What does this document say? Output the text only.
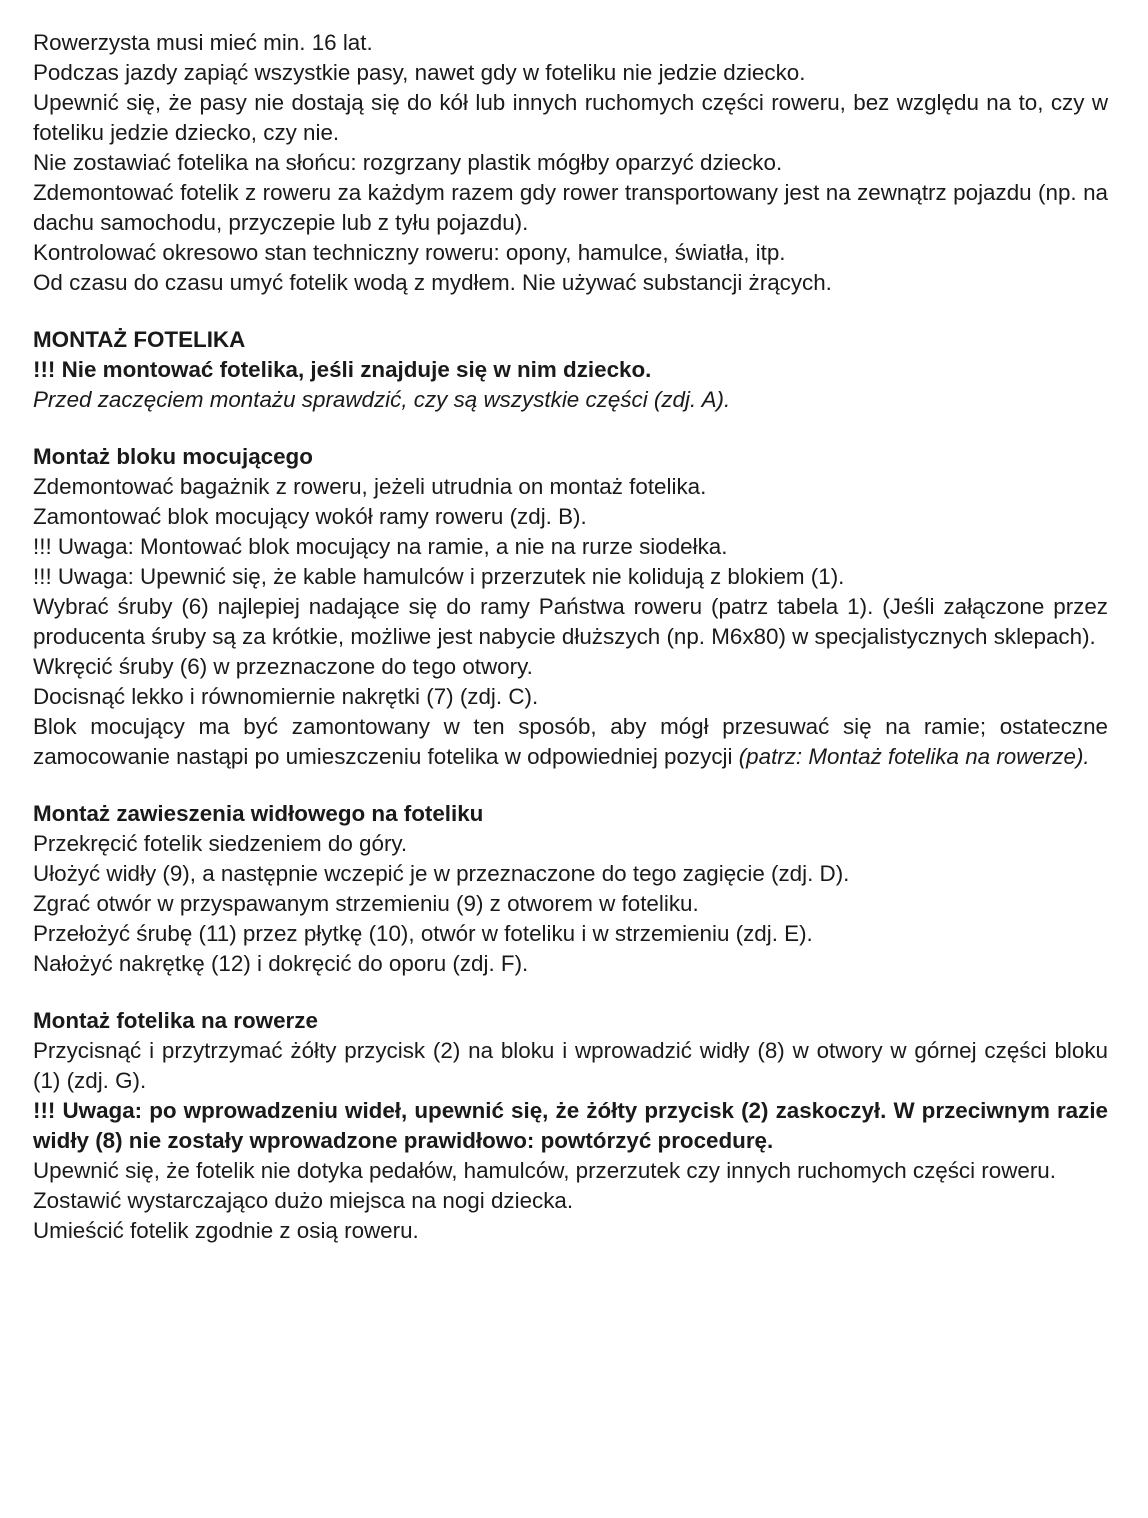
Rowerzysta musi mieć min. 16 lat.

Podczas jazdy zapiąć wszystkie pasy, nawet gdy w foteliku nie jedzie dziecko.

Upewnić się, że pasy nie dostają się do kół lub innych ruchomych części roweru, bez względu na to, czy w foteliku jedzie dziecko, czy nie.

Nie zostawiać fotelika na słońcu: rozgrzany plastik mógłby oparzyć dziecko.

Zdemontować fotelik z roweru za każdym razem gdy rower transportowany jest na zewnątrz pojazdu (np. na dachu samochodu, przyczepie lub z tyłu pojazdu).

Kontrolować okresowo stan techniczny roweru: opony, hamulce, światła, itp.

Od czasu do czasu umyć fotelik wodą z mydłem. Nie używać substancji żrących.

MONTAŻ FOTELIKA

!!! Nie montować fotelika, jeśli znajduje się w nim dziecko.

Przed zaczęciem montażu sprawdzić, czy są wszystkie części (zdj. A).

Montaż bloku mocującego

Zdemontować bagażnik z roweru, jeżeli utrudnia on montaż fotelika.

Zamontować blok mocujący wokół ramy roweru (zdj. B).

!!! Uwaga: Montować blok mocujący na ramie, a nie na rurze siodełka.

!!! Uwaga: Upewnić się, że kable hamulców i przerzutek nie kolidują z blokiem (1).

Wybrać śruby (6) najlepiej nadające się do ramy Państwa roweru (patrz tabela 1). (Jeśli załączone przez producenta śruby są za krótkie, możliwe jest nabycie dłuższych (np. M6x80) w specjalistycznych sklepach).

Wkręcić śruby (6) w przeznaczone do tego otwory.

Docisnąć lekko i równomiernie nakrętki (7) (zdj. C).

Blok mocujący ma być zamontowany w ten sposób, aby mógł przesuwać się na ramie; ostateczne zamocowanie nastąpi po umieszczeniu fotelika w odpowiedniej pozycji (patrz: Montaż fotelika na rowerze).

Montaż zawieszenia widłowego na foteliku

Przekręcić fotelik siedzeniem do góry.

Ułożyć widły (9), a następnie wczepić je w przeznaczone do tego zagięcie (zdj. D).

Zgrać otwór w przyspawanym strzemieniu (9) z otworem w foteliku.

Przełożyć śrubę (11) przez płytkę (10), otwór w foteliku i w strzemieniu (zdj. E).

Nałożyć nakrętkę (12) i dokręcić do oporu (zdj. F).

Montaż fotelika na rowerze

Przycisnąć i przytrzymać żółty przycisk (2) na bloku i wprowadzić widły (8) w otwory w górnej części bloku (1) (zdj. G).

!!! Uwaga: po wprowadzeniu wideł, upewnić się, że żółty przycisk (2) zaskoczył. W przeciwnym razie widły (8) nie zostały wprowadzone prawidłowo: powtórzyć procedurę.

Upewnić się, że fotelik nie dotyka pedałów, hamulców, przerzutek czy innych ruchomych części roweru.

Zostawić wystarczająco dużo miejsca na nogi dziecka.

Umieścić fotelik zgodnie z osią roweru.
